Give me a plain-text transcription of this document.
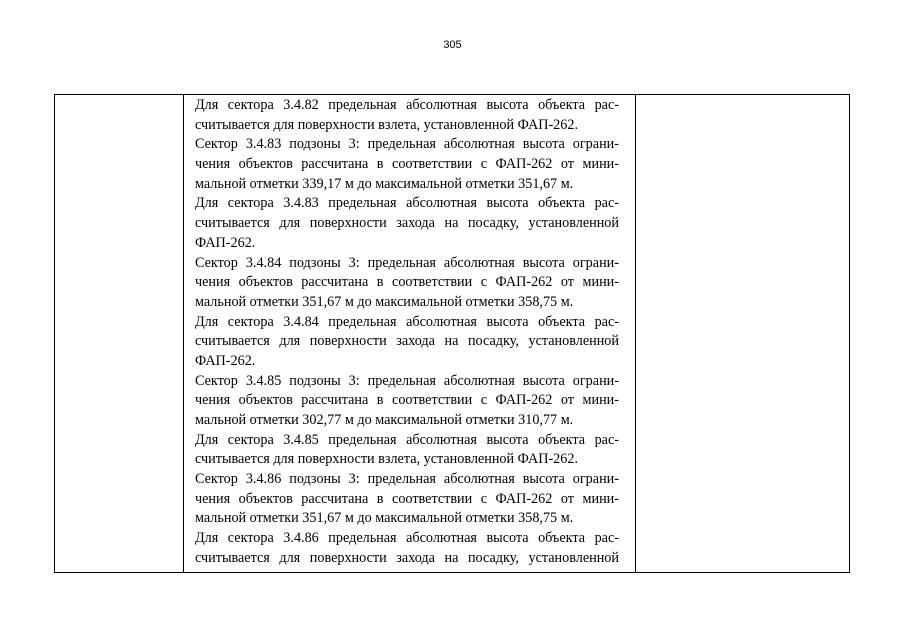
305
Для сектора 3.4.82 предельная абсолютная высота объекта рас-
считывается для поверхности взлета, установленной ФАП-262.
Сектор 3.4.83 подзоны 3: предельная абсолютная высота ограни-
чения объектов рассчитана в соответствии с ФАП-262 от мини-
мальной отметки 339,17 м до максимальной отметки 351,67 м.
Для сектора 3.4.83 предельная абсолютная высота объекта рас-
считывается для поверхности захода на посадку, установленной
ФАП-262.
Сектор 3.4.84 подзоны 3: предельная абсолютная высота ограни-
чения объектов рассчитана в соответствии с ФАП-262 от мини-
мальной отметки 351,67 м до максимальной отметки 358,75 м.
Для сектора 3.4.84 предельная абсолютная высота объекта рас-
считывается для поверхности захода на посадку, установленной
ФАП-262.
Сектор 3.4.85 подзоны 3: предельная абсолютная высота ограни-
чения объектов рассчитана в соответствии с ФАП-262 от мини-
мальной отметки 302,77 м до максимальной отметки 310,77 м.
Для сектора 3.4.85 предельная абсолютная высота объекта рас-
считывается для поверхности взлета, установленной ФАП-262.
Сектор 3.4.86 подзоны 3: предельная абсолютная высота ограни-
чения объектов рассчитана в соответствии с ФАП-262 от мини-
мальной отметки 351,67 м до максимальной отметки 358,75 м.
Для сектора 3.4.86 предельная абсолютная высота объекта рас-
считывается для поверхности захода на посадку, установленной
